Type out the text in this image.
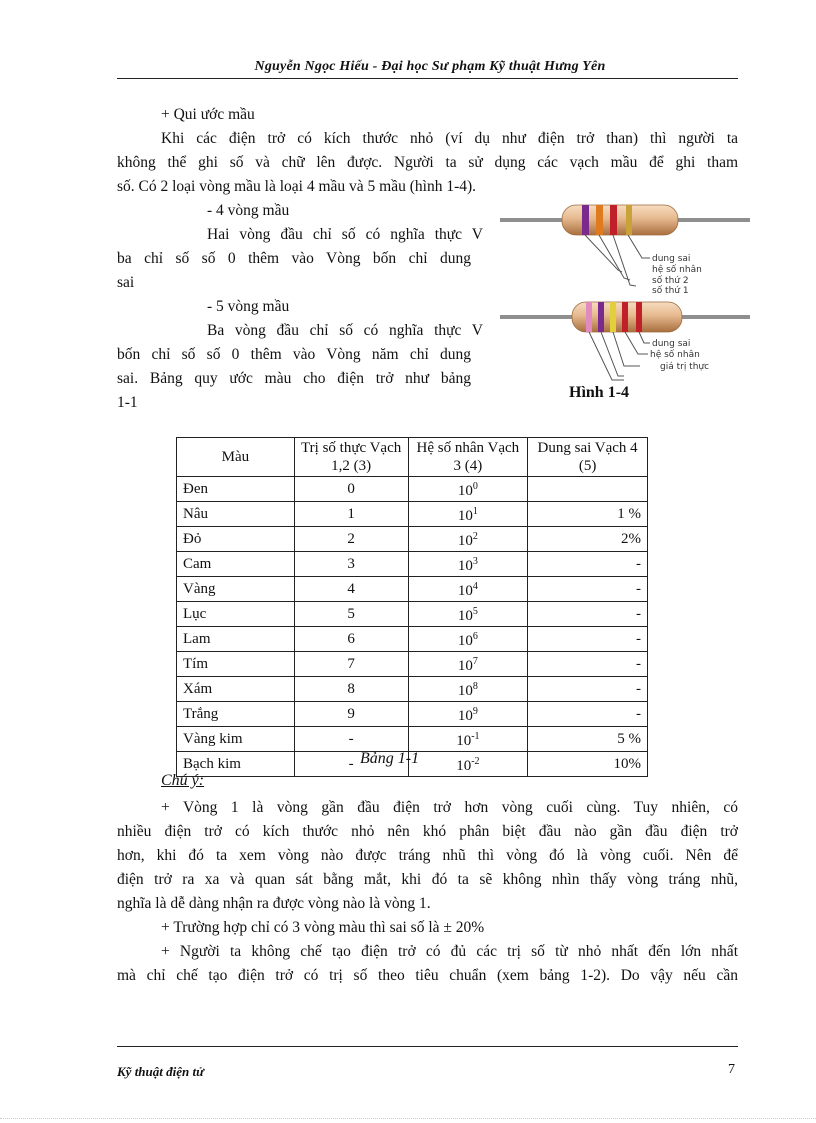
Nguyễn Ngọc Hiếu - Đại học Sư phạm Kỹ thuật Hưng Yên
+ Qui ước mầu
Khi các điện trở có kích thước nhỏ (ví dụ như điện trở than) thì người ta
không thể ghi số và chữ lên được. Người ta sử dụng các vạch mầu để ghi tham
số. Có 2 loại vòng mầu là loại 4 mầu và 5 mầu (hình 1-4).
- 4 vòng mầu
Hai vòng đầu chỉ số có nghĩa thực V
ba chỉ số số 0 thêm vào Vòng bốn chỉ dung
sai
- 5 vòng mầu
Ba vòng đầu chỉ số có nghĩa thực V
bốn chỉ số số 0 thêm vào Vòng năm chỉ dung
sai. Bảng quy ước màu cho điện trở như bảng
1-1
dung sai
hệ số nhân
số thứ 2
số thứ 1
dung sai
hệ số nhân
giá trị thực
Hình 1-4
Màu	Trị số thực Vạch 1,2 (3)	Hệ số nhân Vạch 3 (4)	Dung sai Vạch 4 (5)
Đen	0	$10^0$	
Nâu	1	$10^1$	1 %
Đỏ	2	$10^2$	2%
Cam	3	$10^3$	-
Vàng	4	$10^4$	-
Lục	5	$10^5$	-
Lam	6	$10^6$	-
Tím	7	$10^7$	-
Xám	8	$10^8$	-
Trắng	9	$10^9$	-
Vàng kim	-	$10^{-1}$	5 %
Bạch kim	-	$10^{-2}$	10%
Bảng 1-1
Chú ý:
+ Vòng 1 là vòng gần đầu điện trở hơn vòng cuối cùng. Tuy nhiên, có
nhiều điện trở có kích thước nhỏ nên khó phân biệt đầu nào gần đầu điện trở
hơn, khi đó ta xem vòng nào được tráng nhũ thì vòng đó là vòng cuối. Nên để
điện trở ra xa và quan sát bằng mắt, khi đó ta sẽ không nhìn thấy vòng tráng nhũ,
nghĩa là dễ dàng nhận ra được vòng nào là vòng 1.
+ Trường hợp chỉ có 3 vòng màu thì sai số là ± 20%
+ Người ta không chế tạo điện trở có đủ các trị số từ nhỏ nhất đến lớn nhất
mà chỉ chế tạo điện trở có trị số theo tiêu chuẩn (xem bảng 1-2). Do vậy nếu cần
Kỹ thuật điện tử	7
